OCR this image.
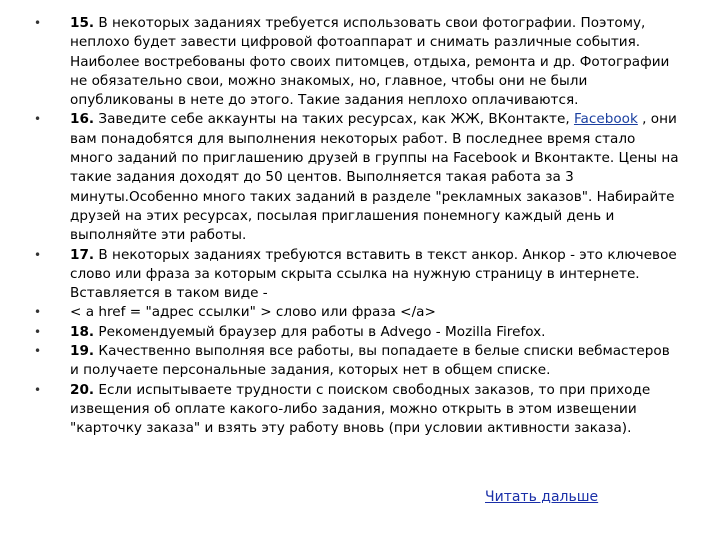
• 15. В некоторых заданиях требуется использовать свои фотографии. Поэтому, неплохо будет завести цифровой фотоаппарат и снимать различные события. Наиболее востребованы фото своих питомцев, отдыха, ремонта и др. Фотографии не обязательно свои, можно знакомых, но, главное, чтобы они не были опубликованы в нете до этого. Такие задания неплохо оплачиваются.
• 16. Заведите себе аккаунты на таких ресурсах, как ЖЖ, ВКонтакте, Facebook , они вам понадобятся для выполнения некоторых работ. В последнее время стало много заданий по приглашению друзей в группы на Facebook и Вконтакте. Цены на такие задания доходят до 50 центов. Выполняется такая работа за 3 минуты.Особенно много таких заданий в разделе "рекламных заказов". Набирайте друзей на этих ресурсах, посылая приглашения понемногу каждый день и выполняйте эти работы.
• 17. В некоторых заданиях требуются вставить в текст анкор. Анкор - это ключевое слово или фраза за которым скрыта ссылка на нужную страницу в интернете. Вставляется в таком виде -
• < a href = "адрес ссылки" > слово или фраза </a>
• 18. Рекомендуемый браузер для работы в Advego - Mozilla Firefox.
• 19. Качественно выполняя все работы, вы попадаете в белые списки вебмастеров и получаете персональные задания, которых нет в общем списке.
• 20. Если испытываете трудности с поиском свободных заказов, то при приходе извещения об оплате какого-либо задания, можно открыть в этом извещении "карточку заказа" и взять эту работу вновь (при условии активности заказа).
Читать дальше
